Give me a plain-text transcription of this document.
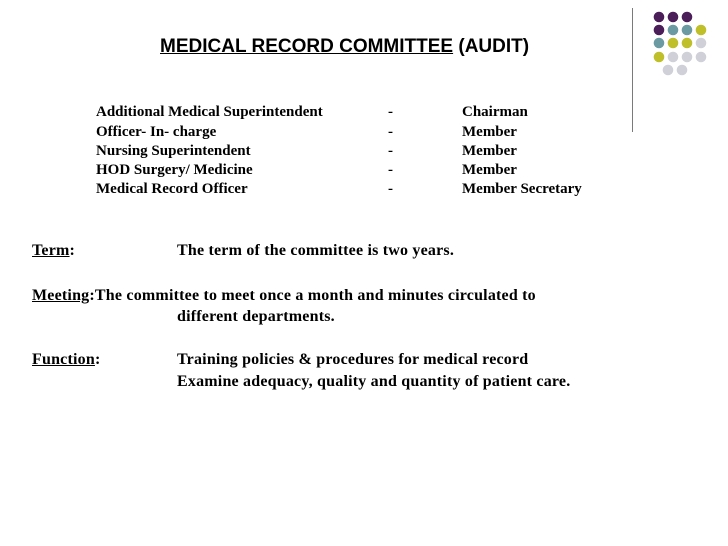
MEDICAL RECORD COMMITTEE (AUDIT)
Additional Medical Superintendent	-	Chairman
Officer- In- charge	-	Member
Nursing Superintendent	-	Member
HOD Surgery/ Medicine	-	Member
Medical Record Officer	-	Member Secretary
Term:	The term of the committee is two years.
Meeting:The committee to meet once a month and minutes circulated to
different departments.
Function:	Training policies & procedures for medical record
Examine adequacy, quality and quantity of patient care.
